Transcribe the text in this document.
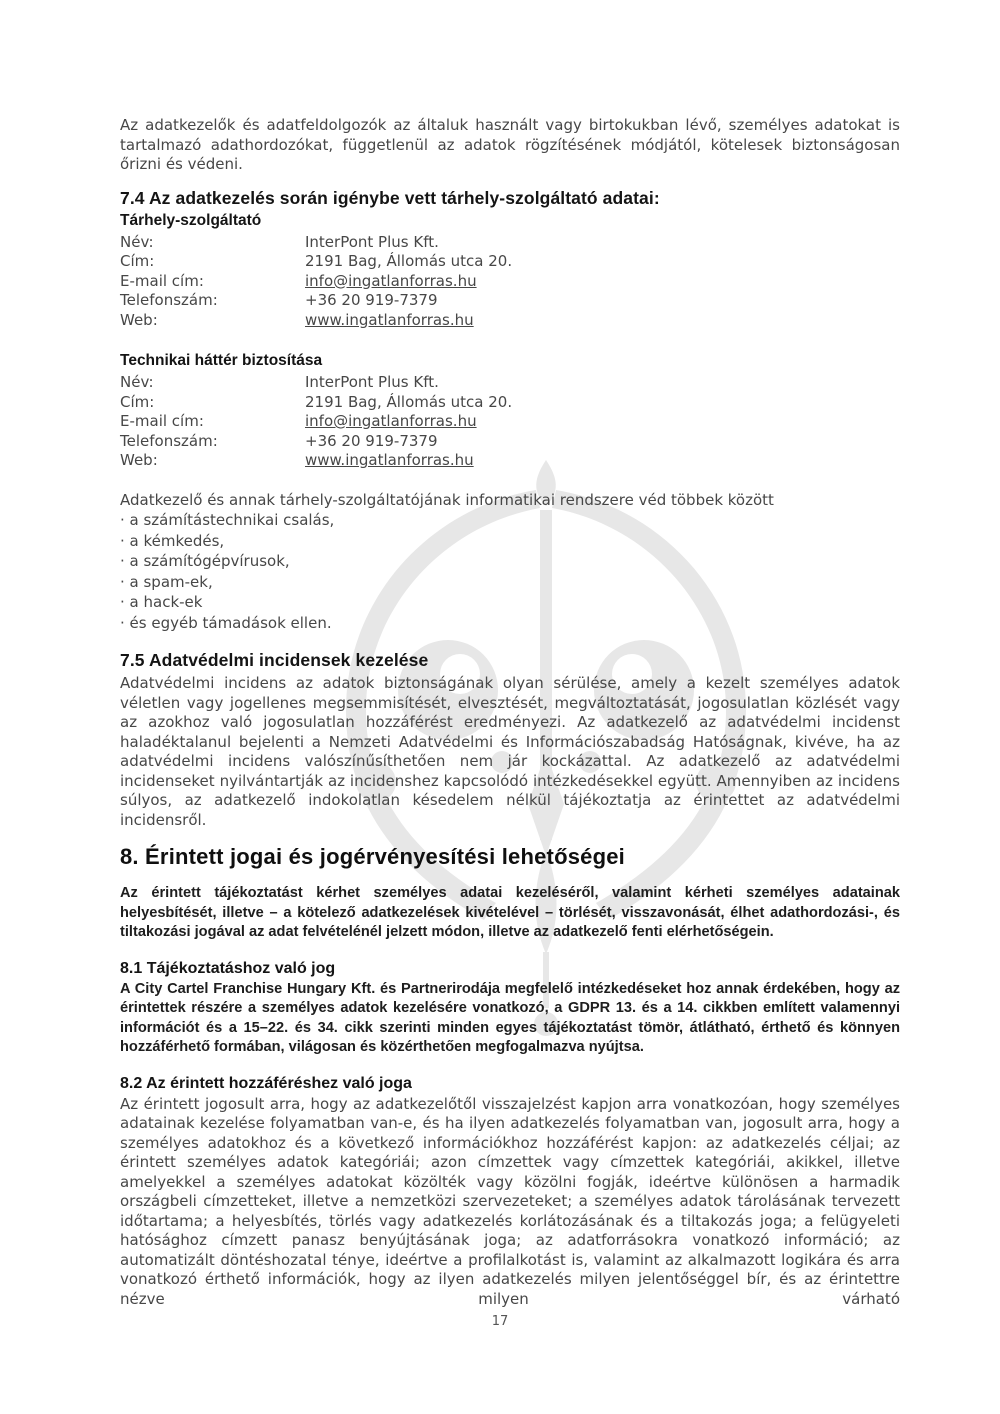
Az adatkezelők és adatfeldolgozók az általuk használt vagy birtokukban lévő, személyes adatokat is tartalmazó adathordozókat, függetlenül az adatok rögzítésének módjától, kötelesek biztonságosan őrizni és védeni.

7.4 Az adatkezelés során igénybe vett tárhely-szolgáltató adatai:
Tárhely-szolgáltató
Név:	InterPont Plus Kft.
Cím:	2191 Bag, Állomás utca 20.
E-mail cím:	info@ingatlanforras.hu
Telefonszám:	+36 20 919-7379
Web:	www.ingatlanforras.hu
Technikai háttér biztosítása
Név:	InterPont Plus Kft.
Cím:	2191 Bag, Állomás utca 20.
E-mail cím:	info@ingatlanforras.hu
Telefonszám:	+36 20 919-7379
Web:	www.ingatlanforras.hu

Adatkezelő és annak tárhely-szolgáltatójának informatikai rendszere véd többek között

· a számítástechnikai csalás,
· a kémkedés,
· a számítógépvírusok,
· a spam-ek,
· a hack-ek
· és egyéb támadások ellen.
7.5 Adatvédelmi incidensek kezelése

Adatvédelmi incidens az adatok biztonságának olyan sérülése, amely a kezelt személyes adatok véletlen vagy jogellenes megsemmisítését, elvesztését, megváltoztatását, jogosulatlan közlését vagy az azokhoz való jogosulatlan hozzáférést eredményezi. Az adatkezelő az adatvédelmi incidenst haladéktalanul bejelenti a Nemzeti Adatvédelmi és Információszabadság Hatóságnak, kivéve, ha az adatvédelmi incidens valószínűsíthetően nem jár kockázattal. Az adatkezelő az adatvédelmi incidenseket nyilvántartják az incidenshez kapcsolódó intézkedésekkel együtt. Amennyiben az incidens súlyos, az adatkezelő indokolatlan késedelem nélkül tájékoztatja az érintettet az adatvédelmi incidensről.

8. Érintett jogai és jogérvényesítési lehetőségei

Az érintett tájékoztatást kérhet személyes adatai kezeléséről, valamint kérheti személyes adatainak helyesbítését, illetve – a kötelező adatkezelések kivételével – törlését, visszavonását, élhet adathordozási-, és tiltakozási jogával az adat felvételénél jelzett módon, illetve az adatkezelő fenti elérhetőségein.

8.1 Tájékoztatáshoz való jog

A City Cartel Franchise Hungary Kft. és Partnerirodája megfelelő intézkedéseket hoz annak érdekében, hogy az érintettek részére a személyes adatok kezelésére vonatkozó, a GDPR 13. és a 14. cikkben említett valamennyi információt és a 15–22. és 34. cikk szerinti minden egyes tájékoztatást tömör, átlátható, érthető és könnyen hozzáférhető formában, világosan és közérthetően megfogalmazva nyújtsa.

8.2 Az érintett hozzáféréshez való joga

Az érintett jogosult arra, hogy az adatkezelőtől visszajelzést kapjon arra vonatkozóan, hogy személyes adatainak kezelése folyamatban van-e, és ha ilyen adatkezelés folyamatban van, jogosult arra, hogy a személyes adatokhoz és a következő információkhoz hozzáférést kapjon: az adatkezelés céljai; az érintett személyes adatok kategóriái; azon címzettek vagy címzettek kategóriái, akikkel, illetve amelyekkel a személyes adatokat közölték vagy közölni fogják, ideértve különösen a harmadik országbeli címzetteket, illetve a nemzetközi szervezeteket; a személyes adatok tárolásának tervezett időtartama; a helyesbítés, törlés vagy adatkezelés korlátozásának és a tiltakozás joga; a felügyeleti hatósághoz címzett panasz benyújtásának joga; az adatforrásokra vonatkozó információ; az automatizált döntéshozatal ténye, ideértve a profilalkotást is, valamint az alkalmazott logikára és arra vonatkozó érthető információk, hogy az ilyen adatkezelés milyen jelentőséggel bír, és az érintettre nézve milyen várható

17
